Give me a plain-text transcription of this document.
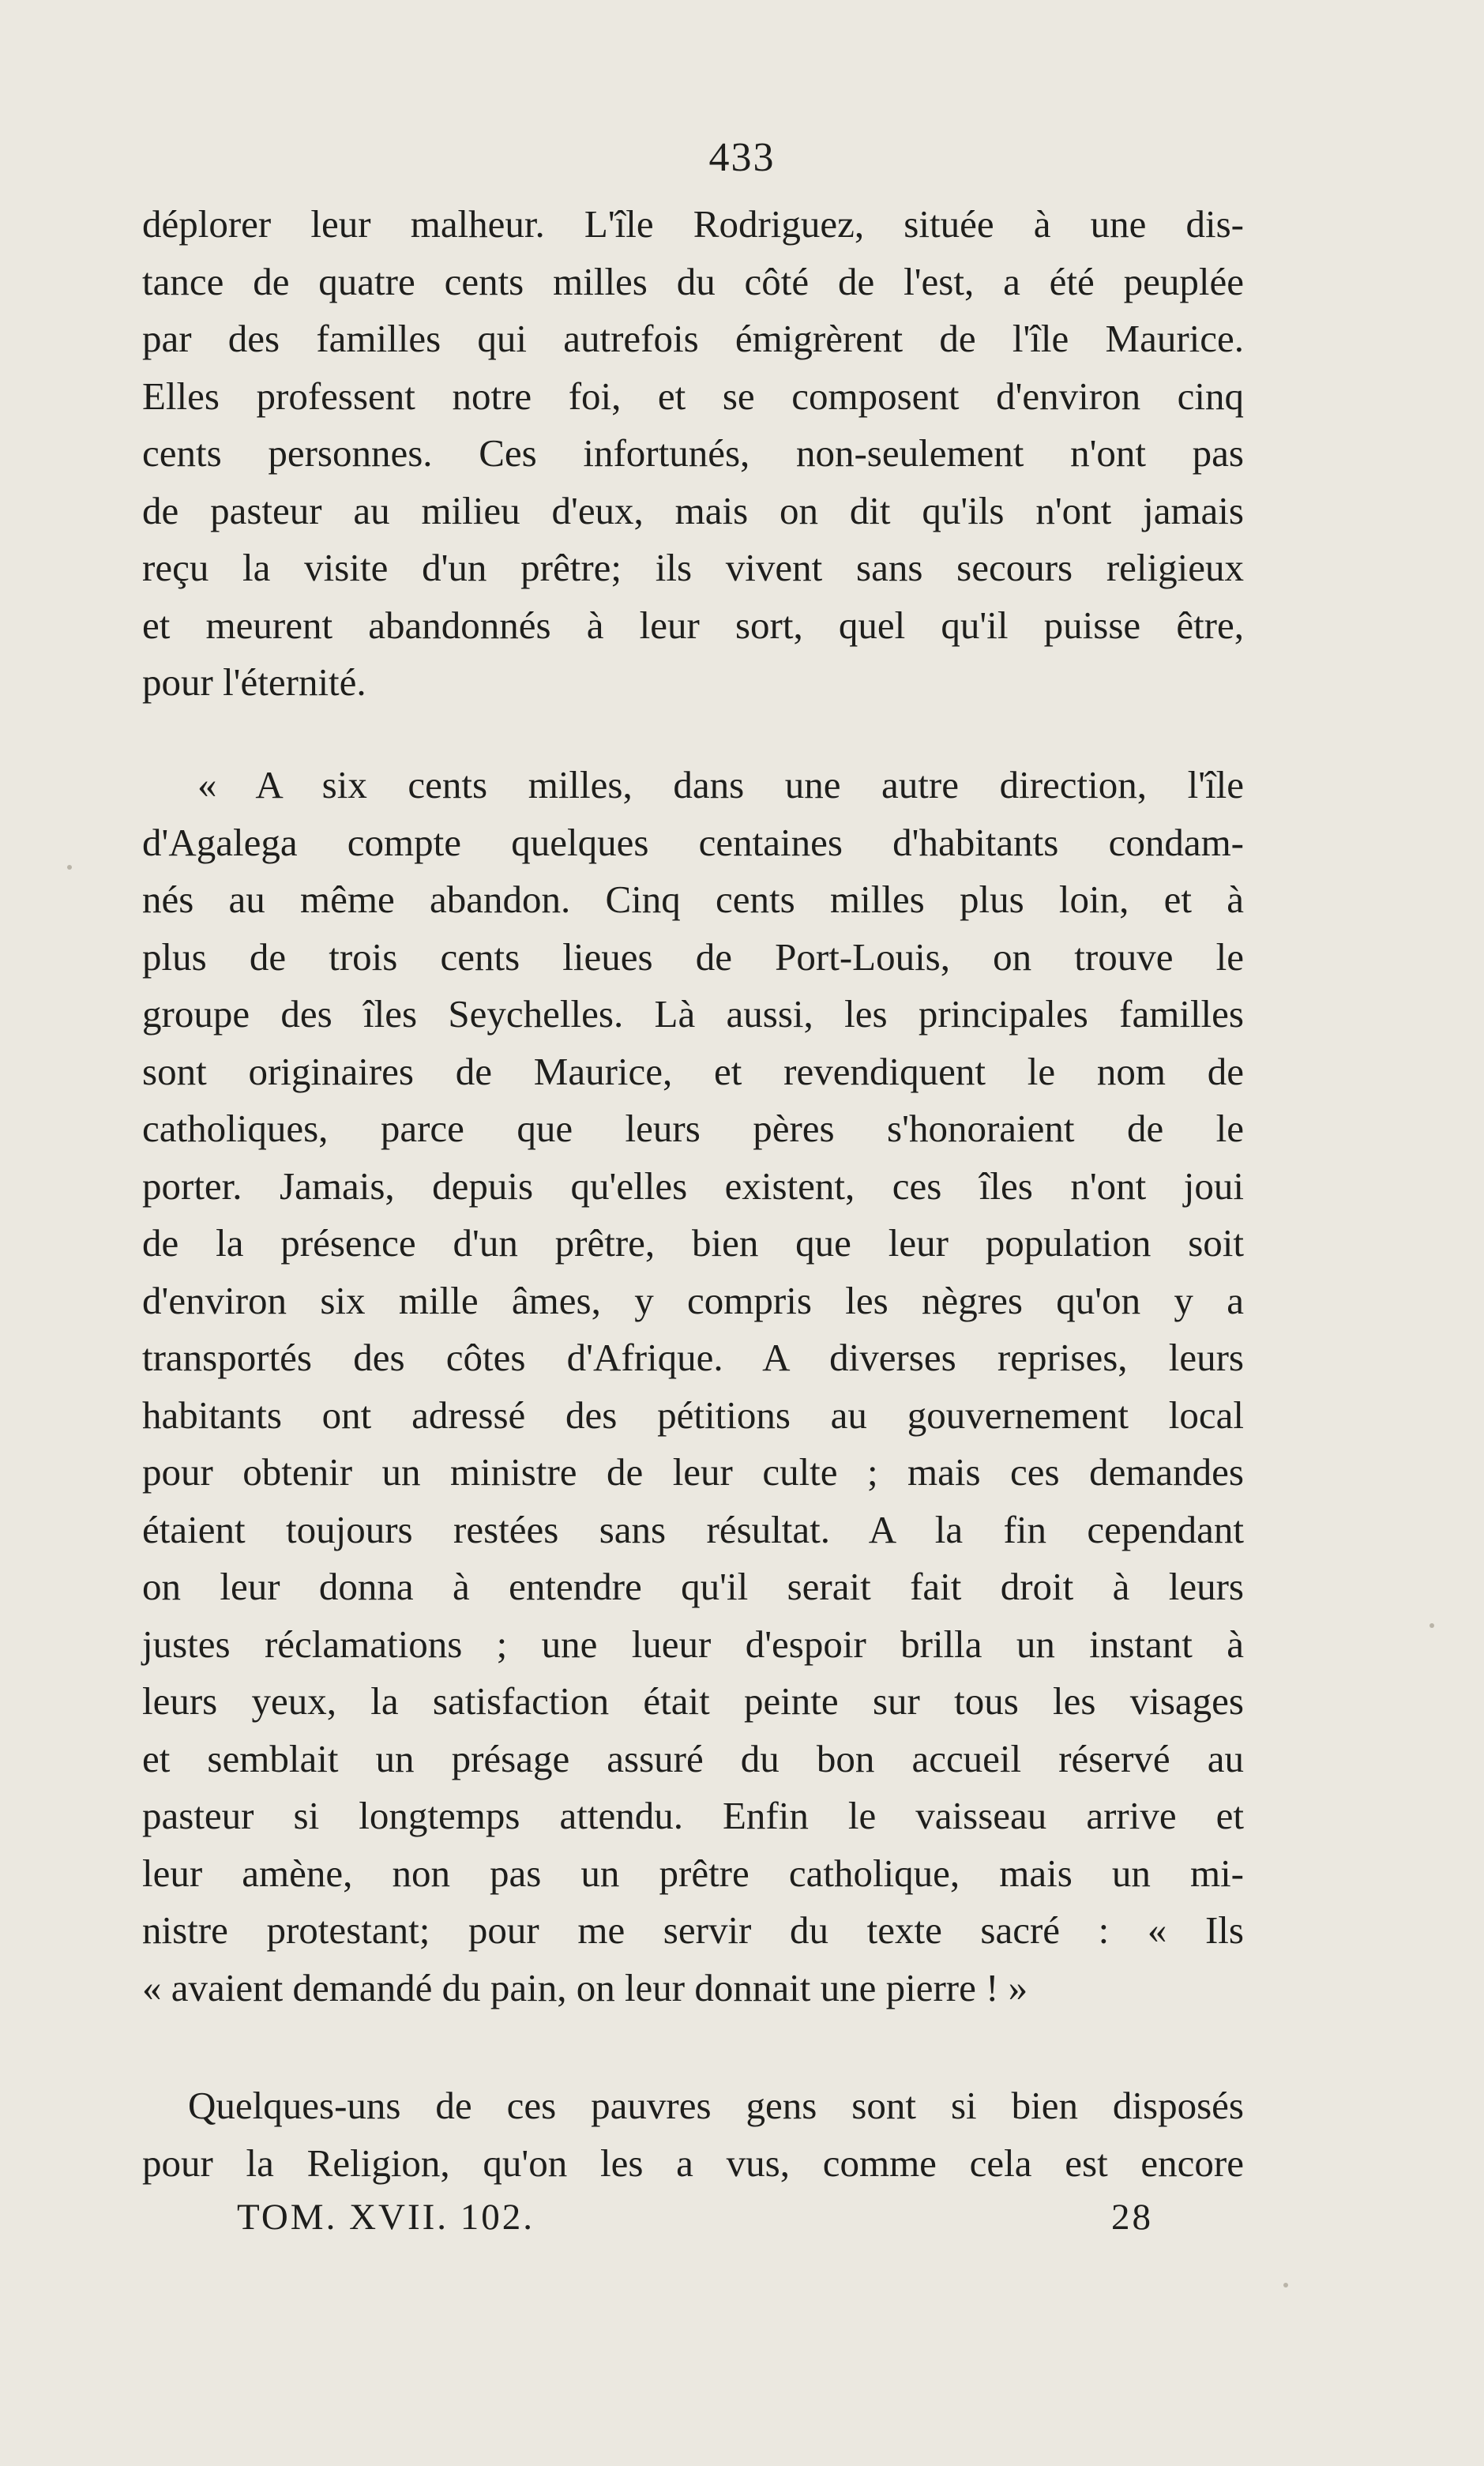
433
déplorer leur malheur. L'île Rodriguez, située à une dis-
tance de quatre cents milles du côté de l'est, a été peuplée
par des familles qui autrefois émigrèrent de l'île Maurice.
Elles professent notre foi, et se composent d'environ cinq
cents personnes. Ces infortunés, non-seulement n'ont pas
de pasteur au milieu d'eux, mais on dit qu'ils n'ont jamais
reçu la visite d'un prêtre; ils vivent sans secours religieux
et meurent abandonnés à leur sort, quel qu'il puisse être,
pour l'éternité.
« A six cents milles, dans une autre direction, l'île
d'Agalega compte quelques centaines d'habitants condam-
nés au même abandon. Cinq cents milles plus loin, et à
plus de trois cents lieues de Port-Louis, on trouve le
groupe des îles Seychelles. Là aussi, les principales familles
sont originaires de Maurice, et revendiquent le nom de
catholiques, parce que leurs pères s'honoraient de le
porter. Jamais, depuis qu'elles existent, ces îles n'ont joui
de la présence d'un prêtre, bien que leur population soit
d'environ six mille âmes, y compris les nègres qu'on y a
transportés des côtes d'Afrique. A diverses reprises, leurs
habitants ont adressé des pétitions au gouvernement local
pour obtenir un ministre de leur culte ; mais ces demandes
étaient toujours restées sans résultat. A la fin cependant
on leur donna à entendre qu'il serait fait droit à leurs
justes réclamations ; une lueur d'espoir brilla un instant à
leurs yeux, la satisfaction était peinte sur tous les visages
et semblait un présage assuré du bon accueil réservé au
pasteur si longtemps attendu. Enfin le vaisseau arrive et
leur amène, non pas un prêtre catholique, mais un mi-
nistre protestant; pour me servir du texte sacré : « Ils
« avaient demandé du pain, on leur donnait une pierre ! »
Quelques-uns de ces pauvres gens sont si bien disposés
pour la Religion, qu'on les a vus, comme cela est encore
TOM. XVII. 102.	28
